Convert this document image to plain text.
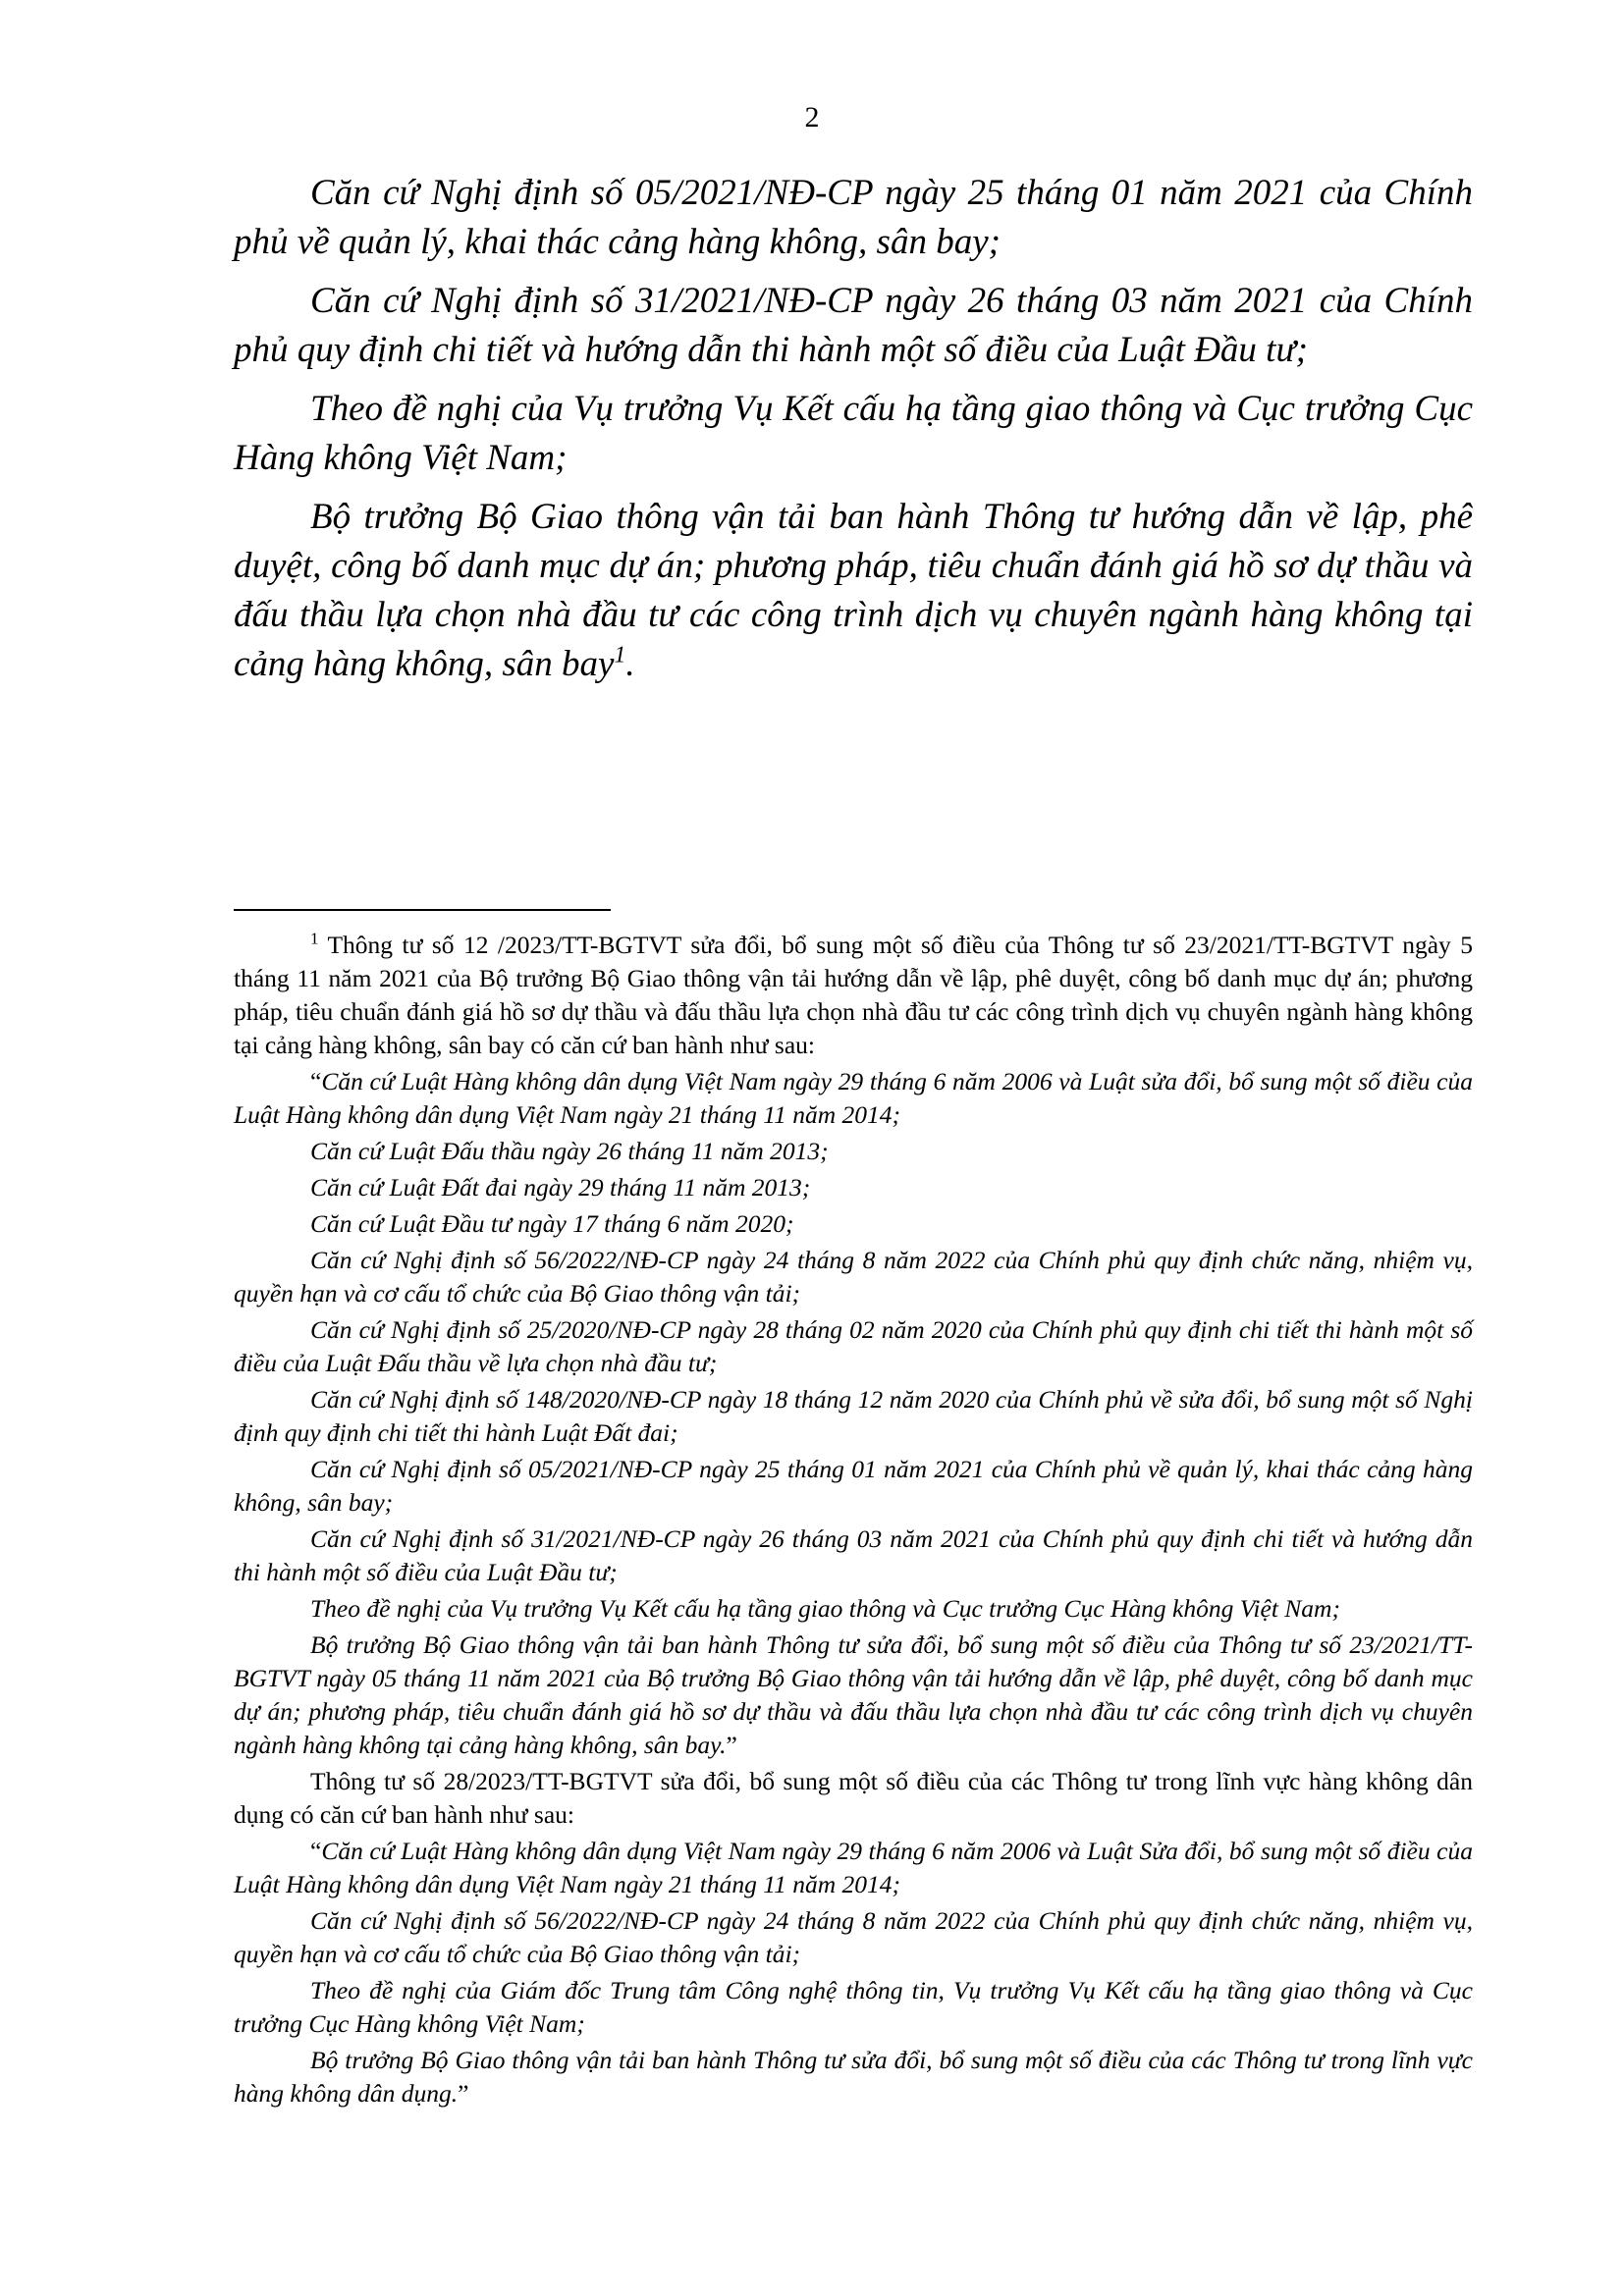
2

Căn cứ Nghị định số 05/2021/NĐ-CP ngày 25 tháng 01 năm 2021 của Chính phủ về quản lý, khai thác cảng hàng không, sân bay;

Căn cứ Nghị định số 31/2021/NĐ-CP ngày 26 tháng 03 năm 2021 của Chính phủ quy định chi tiết và hướng dẫn thi hành một số điều của Luật Đầu tư;

Theo đề nghị của Vụ trưởng Vụ Kết cấu hạ tầng giao thông và Cục trưởng Cục Hàng không Việt Nam;

Bộ trưởng Bộ Giao thông vận tải ban hành Thông tư hướng dẫn về lập, phê duyệt, công bố danh mục dự án; phương pháp, tiêu chuẩn đánh giá hồ sơ dự thầu và đấu thầu lựa chọn nhà đầu tư các công trình dịch vụ chuyên ngành hàng không tại cảng hàng không, sân bay$^1$.

$^1$ Thông tư số 12 /2023/TT-BGTVT sửa đổi, bổ sung một số điều của Thông tư số 23/2021/TT-BGTVT ngày 5 tháng 11 năm 2021 của Bộ trưởng Bộ Giao thông vận tải hướng dẫn về lập, phê duyệt, công bố danh mục dự án; phương pháp, tiêu chuẩn đánh giá hồ sơ dự thầu và đấu thầu lựa chọn nhà đầu tư các công trình dịch vụ chuyên ngành hàng không tại cảng hàng không, sân bay có căn cứ ban hành như sau:

“Căn cứ Luật Hàng không dân dụng Việt Nam ngày 29 tháng 6 năm 2006 và Luật sửa đổi, bổ sung một số điều của Luật Hàng không dân dụng Việt Nam ngày 21 tháng 11 năm 2014;

Căn cứ Luật Đấu thầu ngày 26 tháng 11 năm 2013;

Căn cứ Luật Đất đai ngày 29 tháng 11 năm 2013;

Căn cứ Luật Đầu tư ngày 17 tháng 6 năm 2020;

Căn cứ Nghị định số 56/2022/NĐ-CP ngày 24 tháng 8 năm 2022 của Chính phủ quy định chức năng, nhiệm vụ, quyền hạn và cơ cấu tổ chức của Bộ Giao thông vận tải;

Căn cứ Nghị định số 25/2020/NĐ-CP ngày 28 tháng 02 năm 2020 của Chính phủ quy định chi tiết thi hành một số điều của Luật Đấu thầu về lựa chọn nhà đầu tư;

Căn cứ Nghị định số 148/2020/NĐ-CP ngày 18 tháng 12 năm 2020 của Chính phủ về sửa đổi, bổ sung một số Nghị định quy định chi tiết thi hành Luật Đất đai;

Căn cứ Nghị định số 05/2021/NĐ-CP ngày 25 tháng 01 năm 2021 của Chính phủ về quản lý, khai thác cảng hàng không, sân bay;

Căn cứ Nghị định số 31/2021/NĐ-CP ngày 26 tháng 03 năm 2021 của Chính phủ quy định chi tiết và hướng dẫn thi hành một số điều của Luật Đầu tư;

Theo đề nghị của Vụ trưởng Vụ Kết cấu hạ tầng giao thông và Cục trưởng Cục Hàng không Việt Nam;

Bộ trưởng Bộ Giao thông vận tải ban hành Thông tư sửa đổi, bổ sung một số điều của Thông tư số 23/2021/TT-BGTVT ngày 05 tháng 11 năm 2021 của Bộ trưởng Bộ Giao thông vận tải hướng dẫn về lập, phê duyệt, công bố danh mục dự án; phương pháp, tiêu chuẩn đánh giá hồ sơ dự thầu và đấu thầu lựa chọn nhà đầu tư các công trình dịch vụ chuyên ngành hàng không tại cảng hàng không, sân bay.”

Thông tư số 28/2023/TT-BGTVT sửa đổi, bổ sung một số điều của các Thông tư trong lĩnh vực hàng không dân dụng có căn cứ ban hành như sau:

“Căn cứ Luật Hàng không dân dụng Việt Nam ngày 29 tháng 6 năm 2006 và Luật Sửa đổi, bổ sung một số điều của Luật Hàng không dân dụng Việt Nam ngày 21 tháng 11 năm 2014;

Căn cứ Nghị định số 56/2022/NĐ-CP ngày 24 tháng 8 năm 2022 của Chính phủ quy định chức năng, nhiệm vụ, quyền hạn và cơ cấu tổ chức của Bộ Giao thông vận tải;

Theo đề nghị của Giám đốc Trung tâm Công nghệ thông tin, Vụ trưởng Vụ Kết cấu hạ tầng giao thông và Cục trưởng Cục Hàng không Việt Nam;

Bộ trưởng Bộ Giao thông vận tải ban hành Thông tư sửa đổi, bổ sung một số điều của các Thông tư trong lĩnh vực hàng không dân dụng.”
